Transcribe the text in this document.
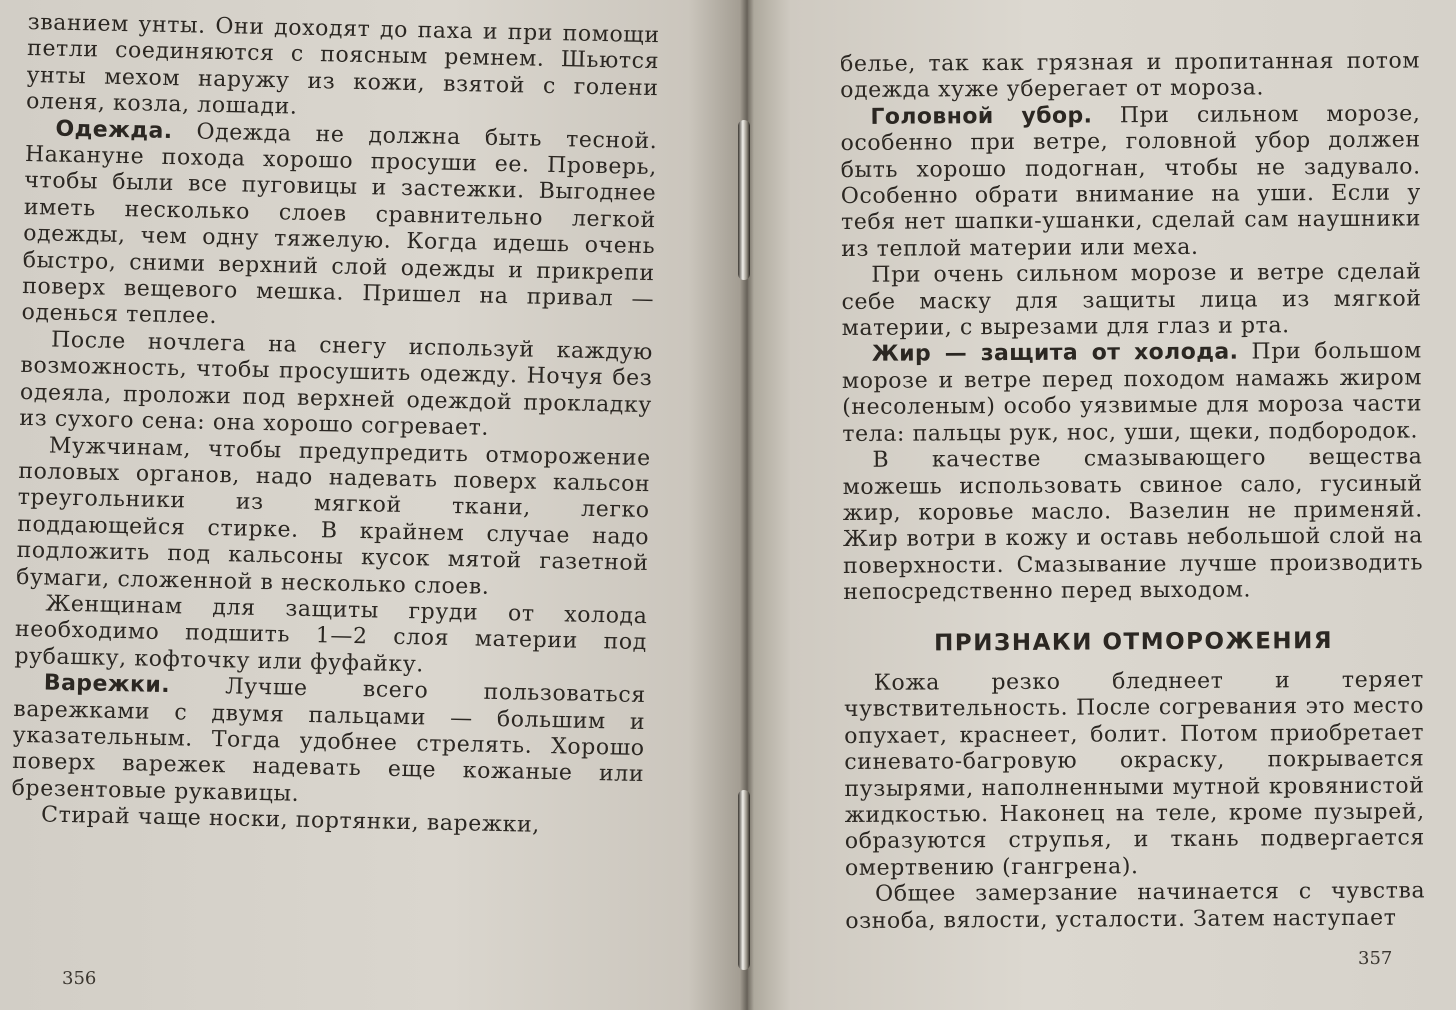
званием унты. Они доходят до паха и при помощи петли соединяются с поясным ремнем. Шьются унты мехом наружу из кожи, взятой с голени оленя, козла, лошади.

Одежда. Одежда не должна быть тесной. Накануне похода хорошо просуши ее. Проверь, чтобы были все пуговицы и застежки. Выгоднее иметь несколько слоев сравнительно легкой одежды, чем одну тяжелую. Когда идешь очень быстро, сними верхний слой одежды и прикрепи поверх вещевого мешка. Пришел на привал — оденься теплее.

После ночлега на снегу используй каждую возможность, чтобы просушить одежду. Ночуя без одеяла, проложи под верхней одеждой прокладку из сухого сена: она хорошо согревает.

Мужчинам, чтобы предупредить отморожение половых органов, надо надевать поверх кальсон треугольники из мягкой ткани, легко поддающейся стирке. В крайнем случае надо подложить под кальсоны кусок мятой газетной бумаги, сложенной в несколько слоев.

Женщинам для защиты груди от холода необходимо подшить 1—2 слоя материи под рубашку, кофточку или фуфайку.

Варежки. Лучше всего пользоваться варежками с двумя пальцами — большим и указательным. Тогда удобнее стрелять. Хорошо поверх варежек надевать еще кожаные или брезентовые рукавицы.

Стирай чаще носки, портянки, варежки,

356

белье, так как грязная и пропитанная потом одежда хуже уберегает от мороза.

Головной убор. При сильном морозе, особенно при ветре, головной убор должен быть хорошо подогнан, чтобы не задувало. Особенно обрати внимание на уши. Если у тебя нет шапки-ушанки, сделай сам наушники из теплой материи или меха.

При очень сильном морозе и ветре сделай себе маску для защиты лица из мягкой материи, с вырезами для глаз и рта.

Жир — защита от холода. При большом морозе и ветре перед походом намажь жиром (несоленым) особо уязвимые для мороза части тела: пальцы рук, нос, уши, щеки, подбородок.

В качестве смазывающего вещества можешь использовать свиное сало, гусиный жир, коровье масло. Вазелин не применяй. Жир вотри в кожу и оставь небольшой слой на поверхности. Смазывание лучше производить непосредственно перед выходом.

ПРИЗНАКИ ОТМОРОЖЕНИЯ

Кожа резко бледнеет и теряет чувствительность. После согревания это место опухает, краснеет, болит. Потом приобретает синевато-багровую окраску, покрывается пузырями, наполненными мутной кровянистой жидкостью. Наконец на теле, кроме пузырей, образуются струпья, и ткань подвергается омертвению (гангрена).

Общее замерзание начинается с чувства озноба, вялости, усталости. Затем наступает

357
